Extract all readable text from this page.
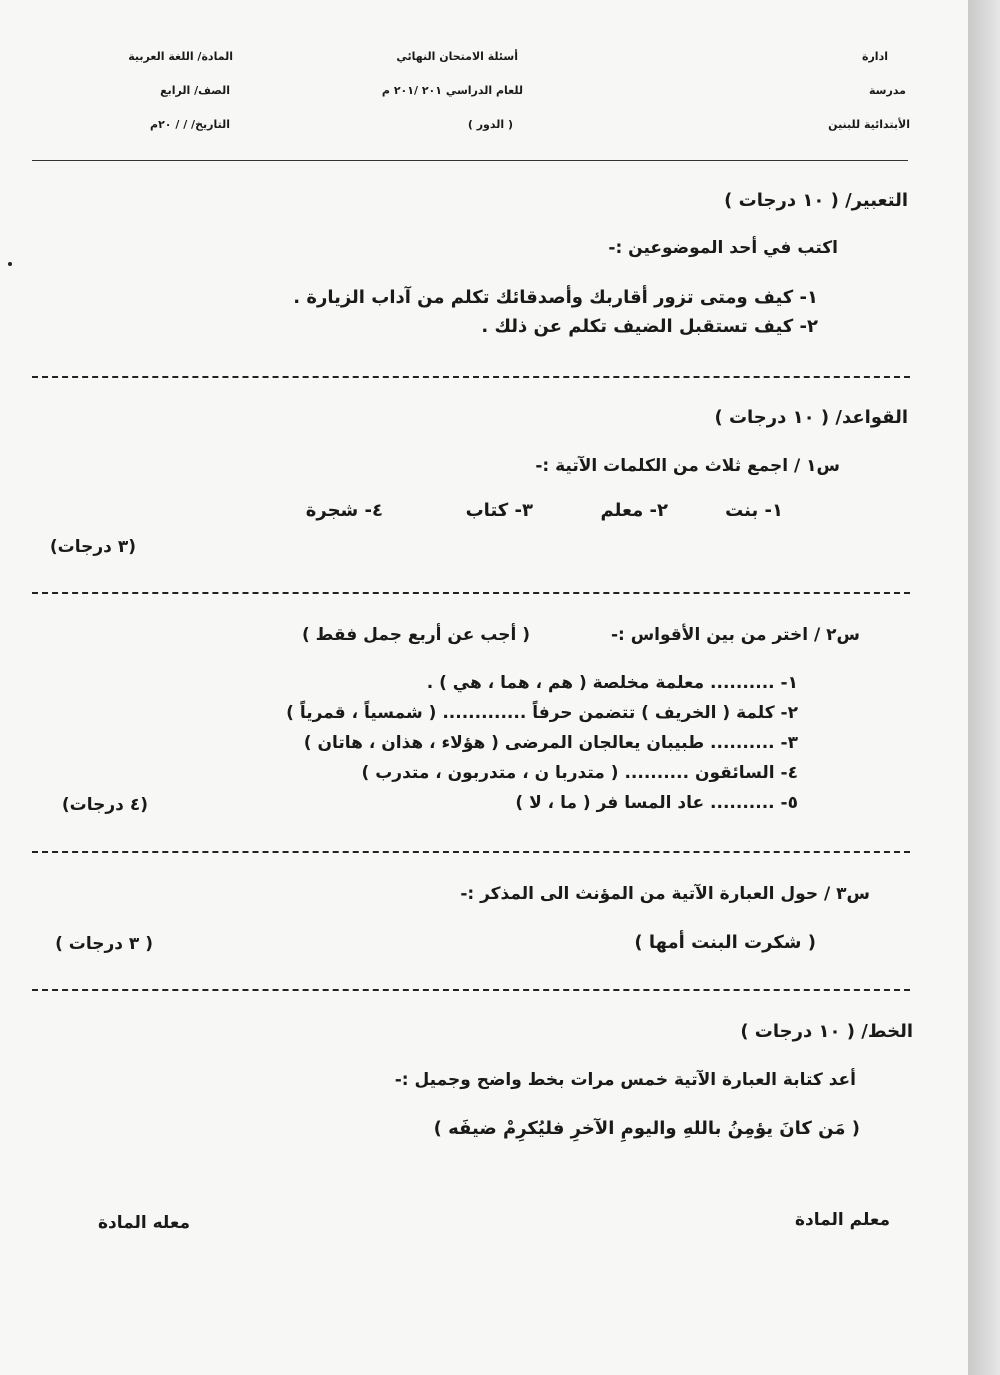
ادارة
مدرسة
الأبتدائية للبنين
أسئلة الامتحان النهائي
للعام الدراسي ٢٠١ /٢٠١ م
( الدور )
المادة/ اللغة العربية
الصف/ الرابع
التاريخ/ / / ٢٠م
التعبير/ ( ١٠ درجات )
اكتب في أحد الموضوعين :-
١- كيف ومتى تزور أقاربك وأصدقائك تكلم من آداب الزيارة .
٢- كيف تستقبل الضيف تكلم عن ذلك .
القواعد/ ( ١٠ درجات )
س١ / اجمع ثلاث من الكلمات الآتية :-
١- بنت
٢- معلم
٣- كتاب
٤- شجرة
(٣ درجات)
س٢ / اختر من بين الأقواس :-
( أجب عن أربع جمل فقط )
١- .......... معلمة مخلصة ( هم ، هما ، هي ) .
٢- كلمة ( الخريف ) تتضمن حرفاً ............. ( شمسياً ، قمرياً )
٣- .......... طبيبان يعالجان المرضى ( هؤلاء ، هذان ، هاتان )
٤- السائقون .......... ( متدربا ن ، متدربون ، متدرب )
٥- .......... عاد المسا فر ( ما ، لا )
(٤ درجات)
س٣ / حول العبارة الآتية من المؤنث الى المذكر :-
( شكرت البنت أمها )
( ٣ درجات )
الخط/ ( ١٠ درجات )
أعد كتابة العبارة الآتية خمس مرات بخط واضح وجميل :-
( مَن كانَ يؤمِنُ باللهِ واليومِ الآخرِ فليُكرِمْ ضيفَه )
معلم المادة
معله المادة
